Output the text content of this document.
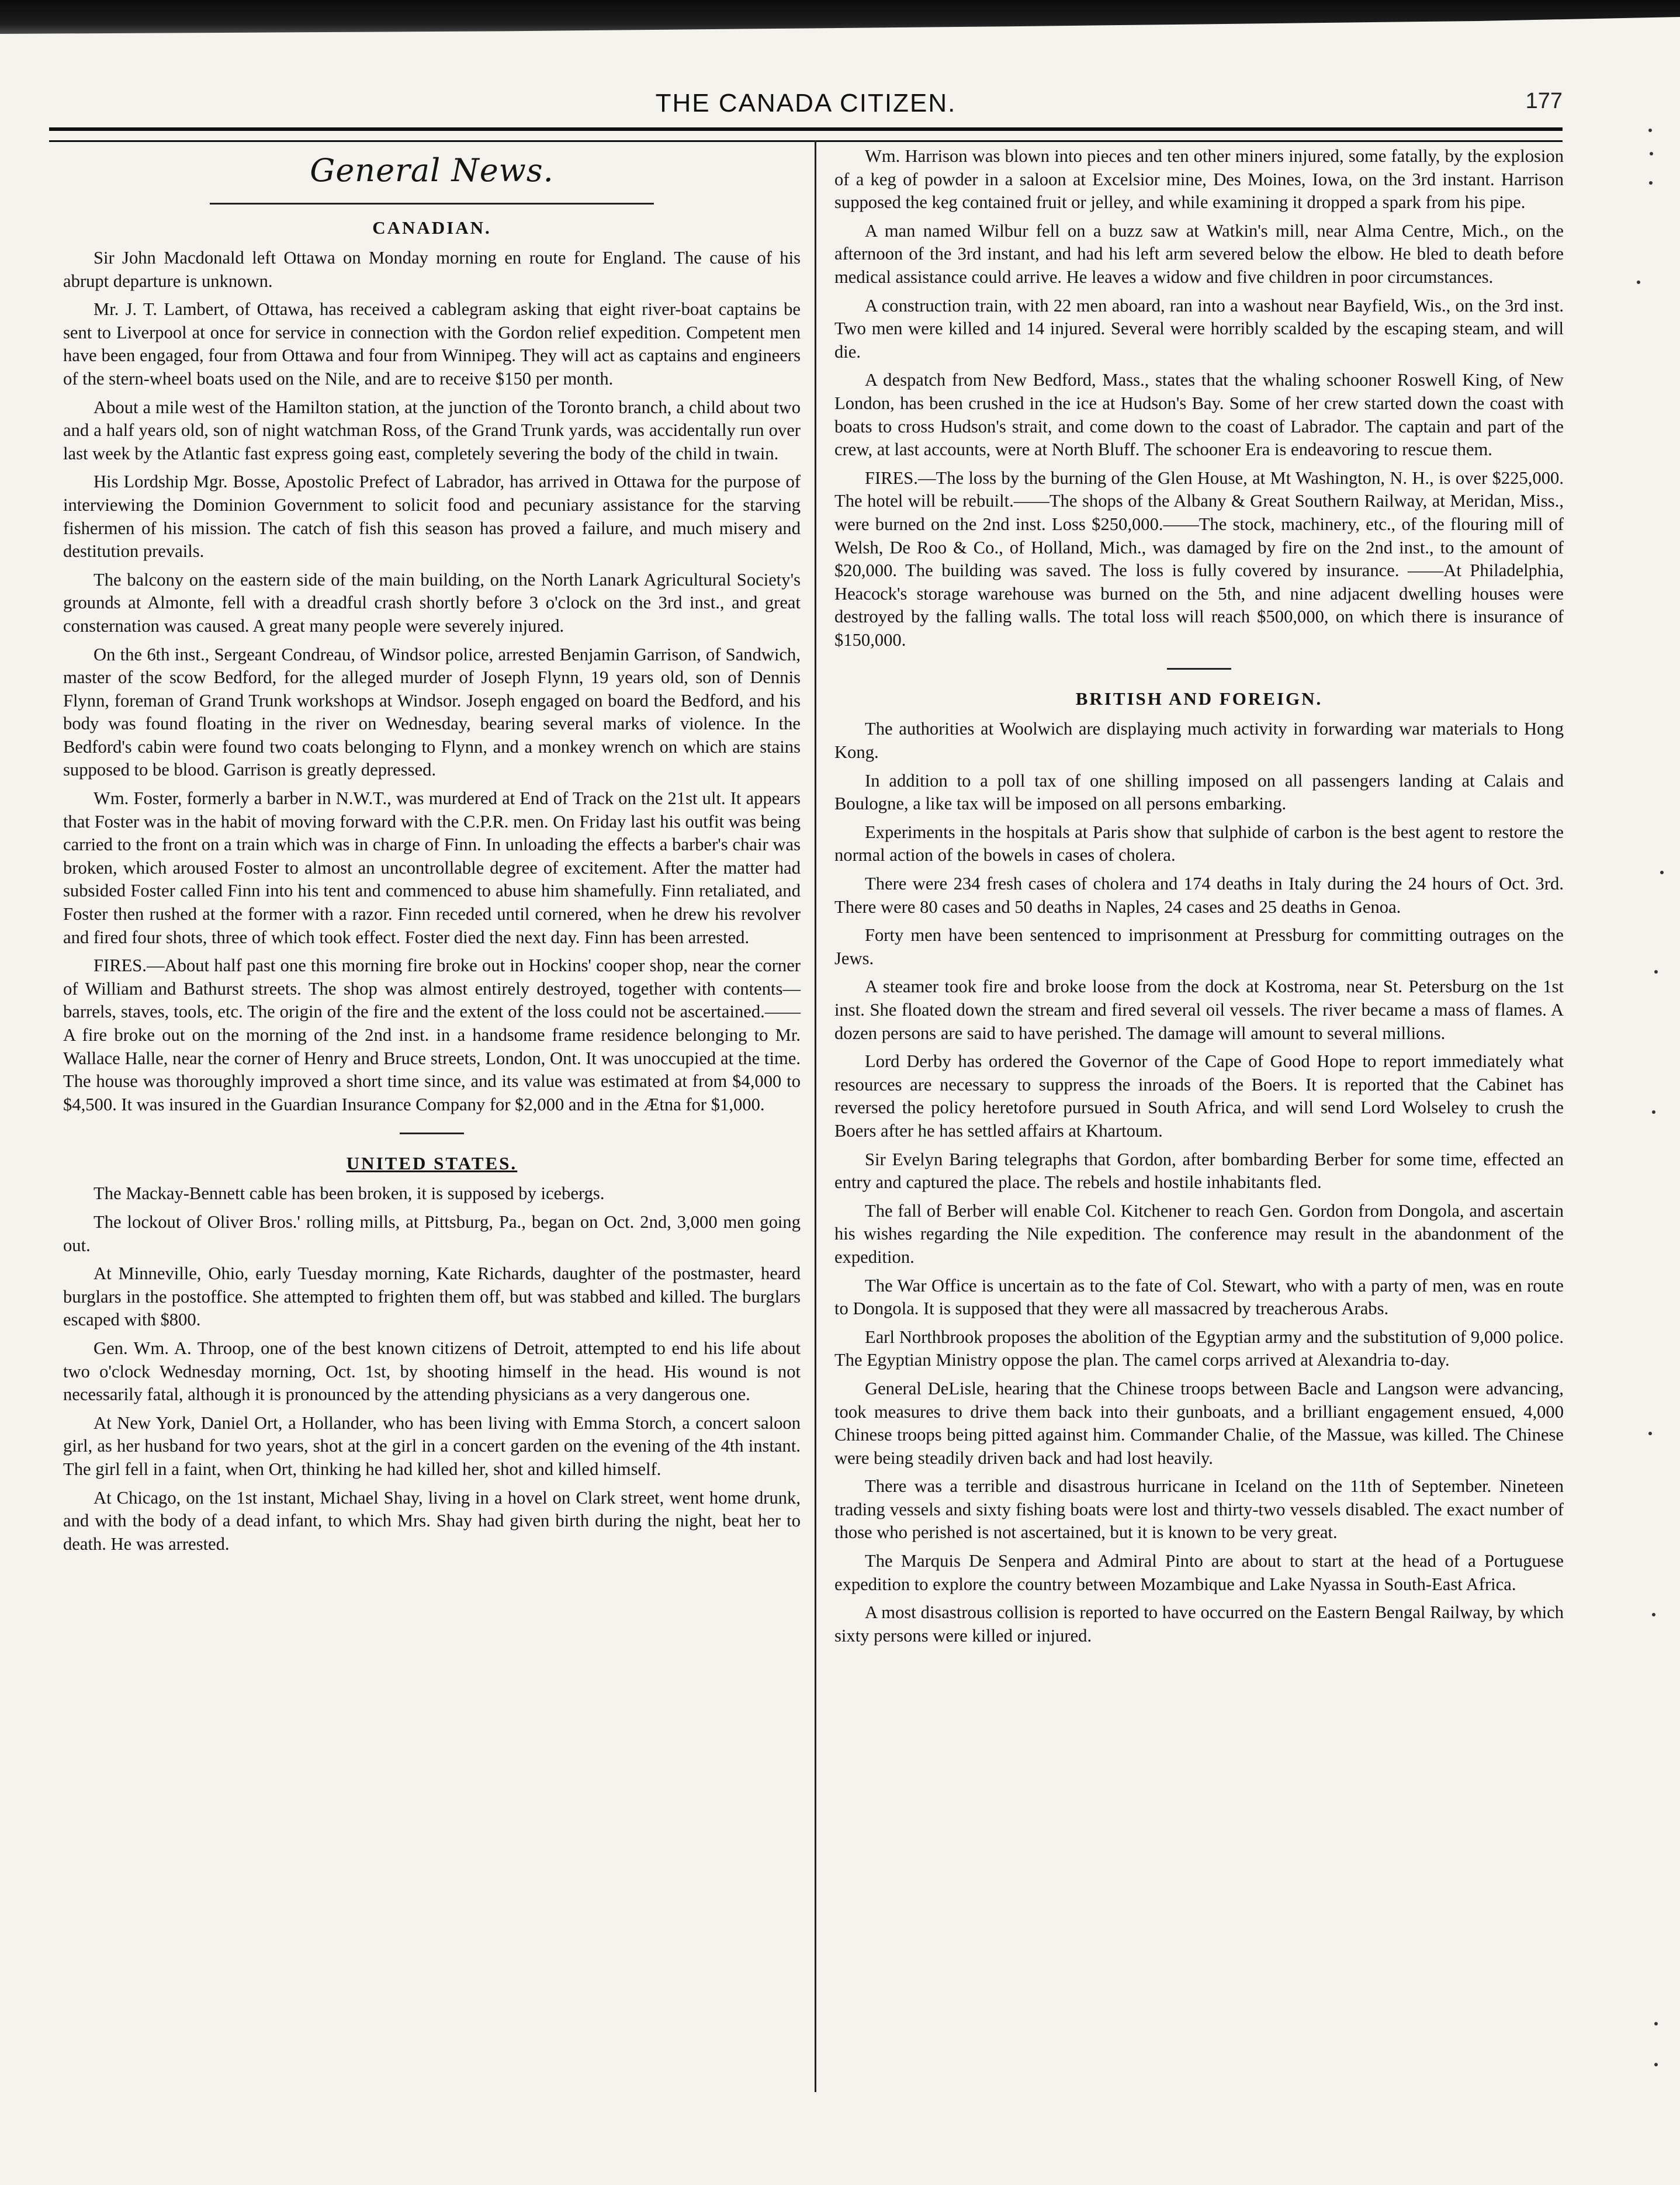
THE CANADA CITIZEN.	177
General News.
CANADIAN.

Sir John Macdonald left Ottawa on Monday morning en route for England. The cause of his abrupt departure is unknown.

Mr. J. T. Lambert, of Ottawa, has received a cablegram asking that eight river-boat captains be sent to Liverpool at once for service in connection with the Gordon relief expedition. Competent men have been engaged, four from Ottawa and four from Winnipeg. They will act as captains and engineers of the stern-wheel boats used on the Nile, and are to receive $150 per month.

About a mile west of the Hamilton station, at the junction of the Toronto branch, a child about two and a half years old, son of night watchman Ross, of the Grand Trunk yards, was accidentally run over last week by the Atlantic fast express going east, completely severing the body of the child in twain.

His Lordship Mgr. Bosse, Apostolic Prefect of Labrador, has arrived in Ottawa for the purpose of interviewing the Dominion Government to solicit food and pecuniary assistance for the starving fishermen of his mission. The catch of fish this season has proved a failure, and much misery and destitution prevails.

The balcony on the eastern side of the main building, on the North Lanark Agricultural Society's grounds at Almonte, fell with a dreadful crash shortly before 3 o'clock on the 3rd inst., and great consternation was caused. A great many people were severely injured.

On the 6th inst., Sergeant Condreau, of Windsor police, arrested Benjamin Garrison, of Sandwich, master of the scow Bedford, for the alleged murder of Joseph Flynn, 19 years old, son of Dennis Flynn, foreman of Grand Trunk workshops at Windsor. Joseph engaged on board the Bedford, and his body was found floating in the river on Wednesday, bearing several marks of violence. In the Bedford's cabin were found two coats belonging to Flynn, and a monkey wrench on which are stains supposed to be blood. Garrison is greatly depressed.

Wm. Foster, formerly a barber in N.W.T., was murdered at End of Track on the 21st ult. It appears that Foster was in the habit of moving forward with the C.P.R. men. On Friday last his outfit was being carried to the front on a train which was in charge of Finn. In unloading the effects a barber's chair was broken, which aroused Foster to almost an uncontrollable degree of excitement. After the matter had subsided Foster called Finn into his tent and commenced to abuse him shamefully. Finn retaliated, and Foster then rushed at the former with a razor. Finn receded until cornered, when he drew his revolver and fired four shots, three of which took effect. Foster died the next day. Finn has been arrested.

FIRES.—About half past one this morning fire broke out in Hockins' cooper shop, near the corner of William and Bathurst streets. The shop was almost entirely destroyed, together with contents—barrels, staves, tools, etc. The origin of the fire and the extent of the loss could not be ascertained.——A fire broke out on the morning of the 2nd inst. in a handsome frame residence belonging to Mr. Wallace Halle, near the corner of Henry and Bruce streets, London, Ont. It was unoccupied at the time. The house was thoroughly improved a short time since, and its value was estimated at from $4,000 to $4,500. It was insured in the Guardian Insurance Company for $2,000 and in the Ætna for $1,000.

UNITED STATES.

The Mackay-Bennett cable has been broken, it is supposed by icebergs.

The lockout of Oliver Bros.' rolling mills, at Pittsburg, Pa., began on Oct. 2nd, 3,000 men going out.

At Minneville, Ohio, early Tuesday morning, Kate Richards, daughter of the postmaster, heard burglars in the postoffice. She attempted to frighten them off, but was stabbed and killed. The burglars escaped with $800.

Gen. Wm. A. Throop, one of the best known citizens of Detroit, attempted to end his life about two o'clock Wednesday morning, Oct. 1st, by shooting himself in the head. His wound is not necessarily fatal, although it is pronounced by the attending physicians as a very dangerous one.

At New York, Daniel Ort, a Hollander, who has been living with Emma Storch, a concert saloon girl, as her husband for two years, shot at the girl in a concert garden on the evening of the 4th instant. The girl fell in a faint, when Ort, thinking he had killed her, shot and killed himself.

At Chicago, on the 1st instant, Michael Shay, living in a hovel on Clark street, went home drunk, and with the body of a dead infant, to which Mrs. Shay had given birth during the night, beat her to death. He was arrested.

Wm. Harrison was blown into pieces and ten other miners injured, some fatally, by the explosion of a keg of powder in a saloon at Excelsior mine, Des Moines, Iowa, on the 3rd instant. Harrison supposed the keg contained fruit or jelley, and while examining it dropped a spark from his pipe.

A man named Wilbur fell on a buzz saw at Watkin's mill, near Alma Centre, Mich., on the afternoon of the 3rd instant, and had his left arm severed below the elbow. He bled to death before medical assistance could arrive. He leaves a widow and five children in poor circumstances.

A construction train, with 22 men aboard, ran into a washout near Bayfield, Wis., on the 3rd inst. Two men were killed and 14 injured. Several were horribly scalded by the escaping steam, and will die.

A despatch from New Bedford, Mass., states that the whaling schooner Roswell King, of New London, has been crushed in the ice at Hudson's Bay. Some of her crew started down the coast with boats to cross Hudson's strait, and come down to the coast of Labrador. The captain and part of the crew, at last accounts, were at North Bluff. The schooner Era is endeavoring to rescue them.

FIRES.—The loss by the burning of the Glen House, at Mt Washington, N. H., is over $225,000. The hotel will be rebuilt.——The shops of the Albany & Great Southern Railway, at Meridan, Miss., were burned on the 2nd inst. Loss $250,000.——The stock, machinery, etc., of the flouring mill of Welsh, De Roo & Co., of Holland, Mich., was damaged by fire on the 2nd inst., to the amount of $20,000. The building was saved. The loss is fully covered by insurance. ——At Philadelphia, Heacock's storage warehouse was burned on the 5th, and nine adjacent dwelling houses were destroyed by the falling walls. The total loss will reach $500,000, on which there is insurance of $150,000.

BRITISH AND FOREIGN.

The authorities at Woolwich are displaying much activity in forwarding war materials to Hong Kong.

In addition to a poll tax of one shilling imposed on all passengers landing at Calais and Boulogne, a like tax will be imposed on all persons embarking.

Experiments in the hospitals at Paris show that sulphide of carbon is the best agent to restore the normal action of the bowels in cases of cholera.

There were 234 fresh cases of cholera and 174 deaths in Italy during the 24 hours of Oct. 3rd. There were 80 cases and 50 deaths in Naples, 24 cases and 25 deaths in Genoa.

Forty men have been sentenced to imprisonment at Pressburg for committing outrages on the Jews.

A steamer took fire and broke loose from the dock at Kostroma, near St. Petersburg on the 1st inst. She floated down the stream and fired several oil vessels. The river became a mass of flames. A dozen persons are said to have perished. The damage will amount to several millions.

Lord Derby has ordered the Governor of the Cape of Good Hope to report immediately what resources are necessary to suppress the inroads of the Boers. It is reported that the Cabinet has reversed the policy heretofore pursued in South Africa, and will send Lord Wolseley to crush the Boers after he has settled affairs at Khartoum.

Sir Evelyn Baring telegraphs that Gordon, after bombarding Berber for some time, effected an entry and captured the place. The rebels and hostile inhabitants fled.

The fall of Berber will enable Col. Kitchener to reach Gen. Gordon from Dongola, and ascertain his wishes regarding the Nile expedition. The conference may result in the abandonment of the expedition.

The War Office is uncertain as to the fate of Col. Stewart, who with a party of men, was en route to Dongola. It is supposed that they were all massacred by treacherous Arabs.

Earl Northbrook proposes the abolition of the Egyptian army and the substitution of 9,000 police. The Egyptian Ministry oppose the plan. The camel corps arrived at Alexandria to-day.

General DeLisle, hearing that the Chinese troops between Bacle and Langson were advancing, took measures to drive them back into their gunboats, and a brilliant engagement ensued, 4,000 Chinese troops being pitted against him. Commander Chalie, of the Massue, was killed. The Chinese were being steadily driven back and had lost heavily.

There was a terrible and disastrous hurricane in Iceland on the 11th of September. Nineteen trading vessels and sixty fishing boats were lost and thirty-two vessels disabled. The exact number of those who perished is not ascertained, but it is known to be very great.

The Marquis De Senpera and Admiral Pinto are about to start at the head of a Portuguese expedition to explore the country between Mozambique and Lake Nyassa in South-East Africa.

A most disastrous collision is reported to have occurred on the Eastern Bengal Railway, by which sixty persons were killed or injured.
